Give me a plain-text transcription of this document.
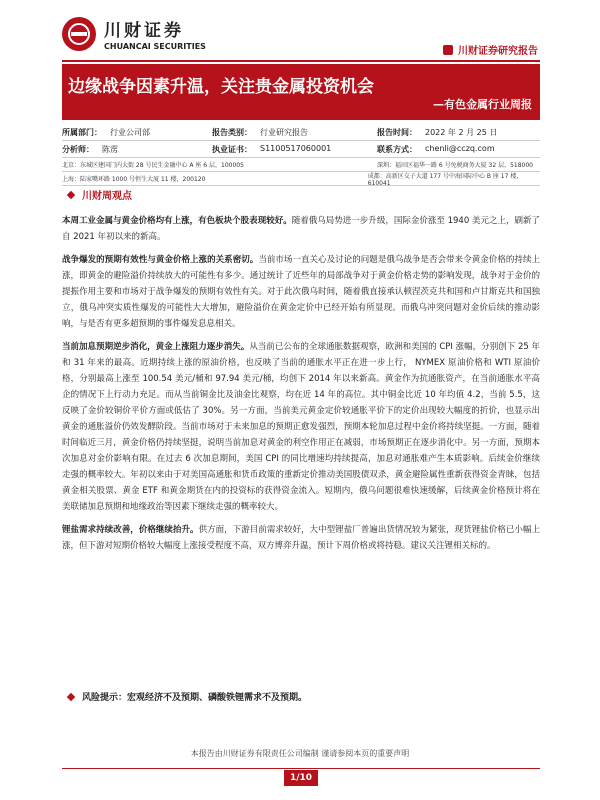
川财证券
CHUANCAI SECURITIES	川财证券研究报告
边缘战争因素升温，关注贵金属投资机会
—有色金属行业周报
所属部门： 行业公司部	报告类别： 行业研究报告	报告时间： 2022 年 2 月 25 日
分析师： 陈雳	执业证书： S1100517060001	联系方式： chenli@cczq.com
北京：东城区建国门内大街 28 号民生金融中心 A 座 6 层，100005	深圳：福田区福华一路 6 号免税商务大厦 32 层，518000
上海：陆家嘴环路 1000 号恒生大厦 11 楼，200120	成都：高新区交子大道 177 号中海国际中心 B 座 17 楼，610041
川财周观点

本周工业金属与黄金价格均有上涨，有色板块个股表现较好。随着俄乌局势进一步升级，国际金价涨至 1940 美元之上，刷新了自 2021 年初以来的新高。

战争爆发的预期有效性与黄金价格上涨的关系密切。当前市场一直关心及讨论的问题是俄乌战争是否会带来令黄金价格的持续上涨，即黄金的避险溢价持续放大的可能性有多少。通过统计了近些年的局部战争对于黄金价格走势的影响发现，战争对于金价的提振作用主要和市场对于战争爆发的预期有效性有关。对于此次俄乌时间，随着俄直接承认顿涅茨克共和国和卢甘斯克共和国独立，俄乌冲突实质性爆发的可能性大大增加，避险溢价在黄金定价中已经开始有所显现。而俄乌冲突问题对金价后续的推动影响，与是否有更多超预期的事件爆发息息相关。

当前加息预期逆步消化，黄金上涨阻力逐步消失。从当前已公布的全球通胀数据观察，欧洲和美国的 CPI 涨幅，分别创下 25 年和 31 年来的最高。近期持续上涨的原油价格，也反映了当前的通胀水平正在进一步上行， NYMEX 原油价格和 WTI 原油价格，分别最高上涨至 100.54 美元/桶和 97.94 美元/桶，均创下 2014 年以来新高。黄金作为抗通胀资产，在当前通胀水平高企的情况下上行动力充足。而从当前铜金比及油金比观察，均在近 14 年的高位。其中铜金比近 10 年均值 4.2，当前 5.5，这反映了金价较铜价平价方面或低估了 30%。另一方面，当前美元黄金定价较通胀平价下的定价出现较大幅度的折价，也显示出黄金的通胀溢价仍效发酵阶段。当前市场对于未来加息的预期正愈发强烈，预期本轮加息过程中金价将持续坚挺。一方面，随着时间临近三月，黄金价格仍持续坚挺，说明当前加息对黄金的利空作用正在减弱，市场预期正在逐步消化中。另一方面，预期本次加息对金价影响有限。在过去 6 次加息期间，美国 CPI 的同比增速均持续提高，加息对通胀难产生本质影响。后续金价继续走强的概率较大。年初以来由于对美国高通胀和货币政策的重新定价推动美国股债双杀，黄金避险属性重新获得资金青睐，包括黄金相关股票、黄金 ETF 和黄金期货在内的投资标的获得资金流入。短期内，俄乌问题很难快速缓解，后续黄金价格预计将在美联储加息预期和地缘政治等因素下继续走强的概率较大。

锂盐需求持续改善，价格继续抬升。供方面，下游目前需求较好，大中型锂盐厂普遍出货情况较为紧张，现货锂盐价格已小幅上涨，但下游对短期价格较大幅度上涨接受程度不高，双方博弈升温，预计下周价格或将持稳。建议关注锂相关标的。

风险提示： 宏观经济不及预期、磷酸铁锂需求不及预期。
本报告由川财证券有限责任公司编制 谨请参阅本页的重要声明
1/10
